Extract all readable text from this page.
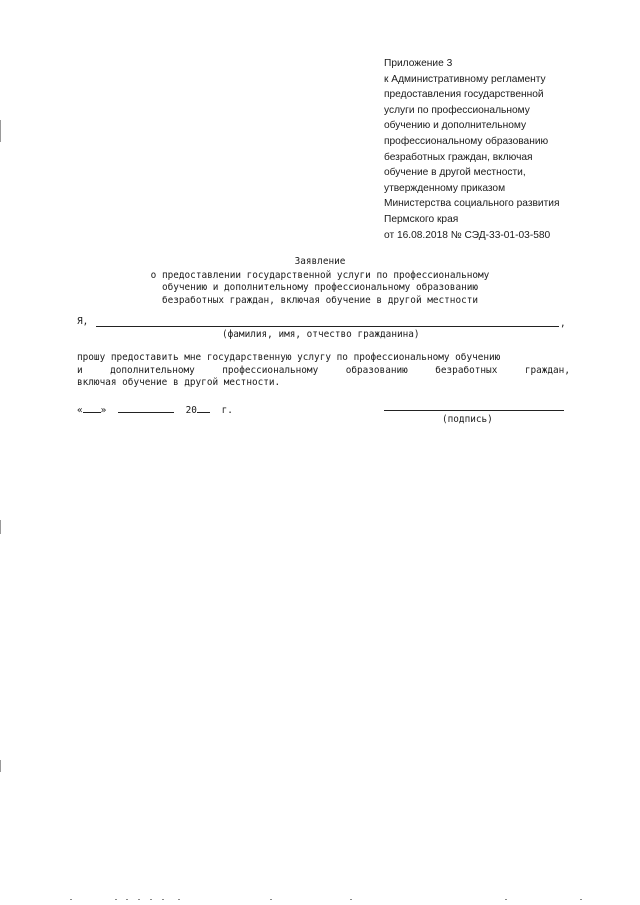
Приложение 3
к Административному регламенту
предоставления государственной
услуги по профессиональному
обучению и дополнительному
профессиональному образованию
безработных граждан, включая
обучение в другой местности,
утвержденному приказом
Министерства социального развития
Пермского края
от 16.08.2018 № СЭД-33-01-03-580
Заявление
о предоставлении государственной услуги по профессиональному
обучению и дополнительному профессиональному образованию
безработных граждан, включая обучение в другой местности
Я,	,
(фамилия, имя, отчество гражданина)
прошу предоставить мне государственную услугу по профессиональному обучению
и	дополнительному	профессиональному	образованию	безработных	граждан,
включая обучение в другой местности.
« »	20	г.
(подпись)
